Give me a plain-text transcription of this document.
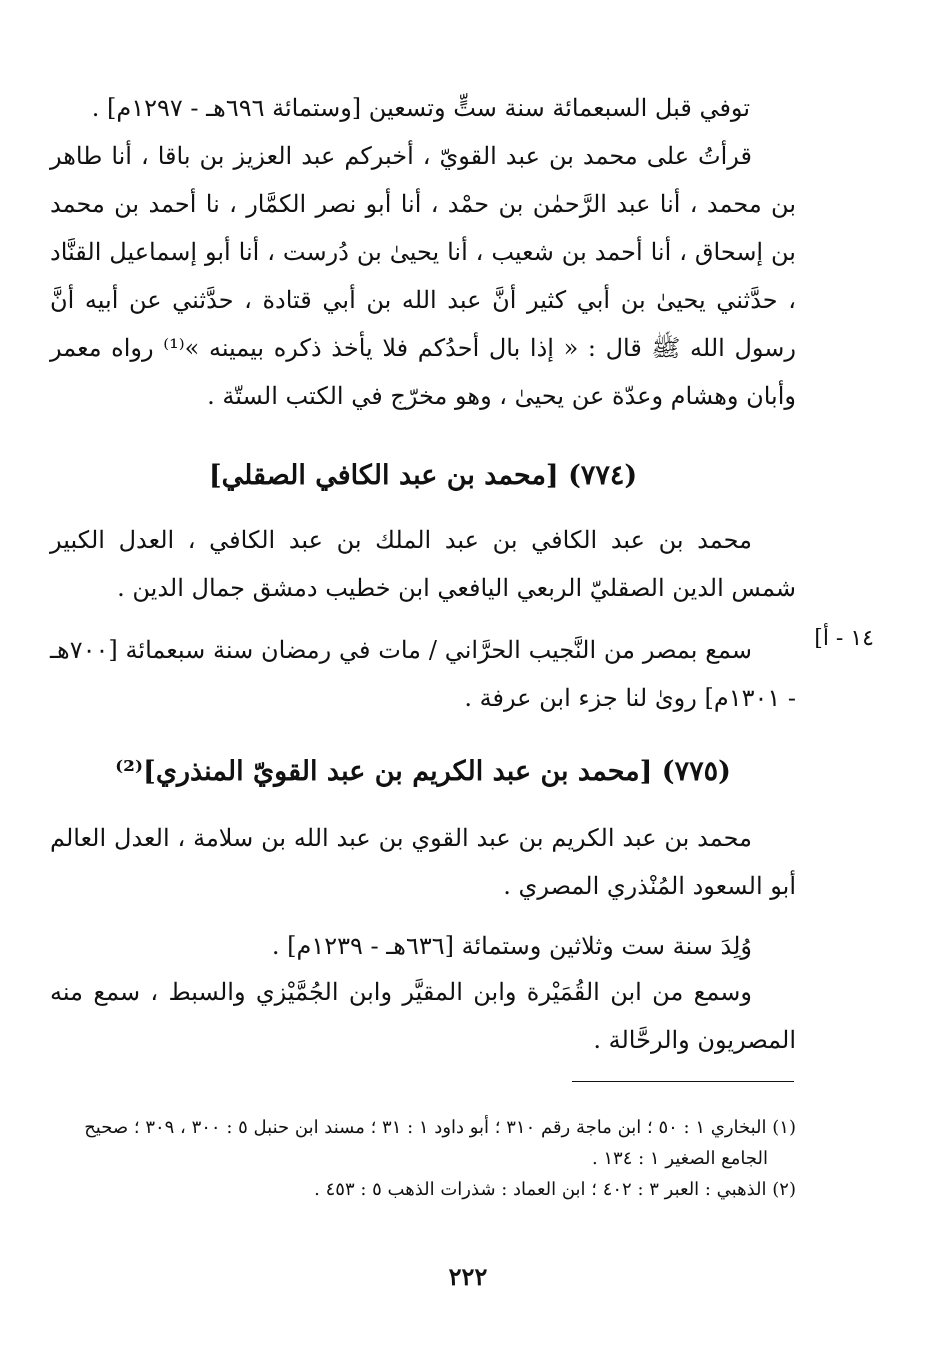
توفي قبل السبعمائة سنة ستٍّ وتسعين [وستمائة ٦٩٦هـ - ١٢٩٧م] .
قرأتُ على محمد بن عبد القويّ ، أخبركم عبد العزيز بن باقا ، أنا طاهر بن محمد ، أنا عبد الرَّحمٰن بن حمْد ، أنا أبو نصر الكمَّار ، نا أحمد بن محمد بن إسحاق ، أنا أحمد بن شعيب ، أنا يحيىٰ بن دُرست ، أنا أبو إسماعيل القنَّاد ، حدَّثني يحيىٰ بن أبي كثير أنَّ عبد الله بن أبي قتادة ، حدَّثني عن أبيه أنَّ رسول الله ﷺ قال : « إذا بال أحدُكم فلا يأخذ ذكره بيمينه »⁽¹⁾ رواه معمر وأبان وهشام وعدّة عن يحيىٰ ، وهو مخرّج في الكتب الستّة .
(٧٧٤) [محمد بن عبد الكافي الصقلي]
محمد بن عبد الكافي بن عبد الملك بن عبد الكافي ، العدل الكبير شمس الدين الصقليّ الربعي اليافعي ابن خطيب دمشق جمال الدين .
سمع بمصر من النَّجيب الحرَّاني / مات في رمضان سنة سبعمائة [٧٠٠هـ - ١٣٠١م] روىٰ لنا جزء ابن عرفة .
١٤ - أ]
(٧٧٥) [محمد بن عبد الكريم بن عبد القويّ المنذري]⁽²⁾
محمد بن عبد الكريم بن عبد القوي بن عبد الله بن سلامة ، العدل العالم أبو السعود المُنْذري المصري .
وُلِدَ سنة ست وثلاثين وستمائة [٦٣٦هـ - ١٢٣٩م] .
وسمع من ابن القُمَيْرة وابن المقيَّر وابن الجُمَّيْزي والسبط ، سمع منه المصريون والرحَّالة .

(١) البخاري ١ : ٥٠ ؛ ابن ماجة رقم ٣١٠ ؛ أبو داود ١ : ٣١ ؛ مسند ابن حنبل ٥ : ٣٠٠ ، ٣٠٩ ؛ صحيح

الجامع الصغير ١ : ١٣٤ .

(٢) الذهبي : العبر ٣ : ٤٠٢ ؛ ابن العماد : شذرات الذهب ٥ : ٤٥٣ .

٢٢٢
